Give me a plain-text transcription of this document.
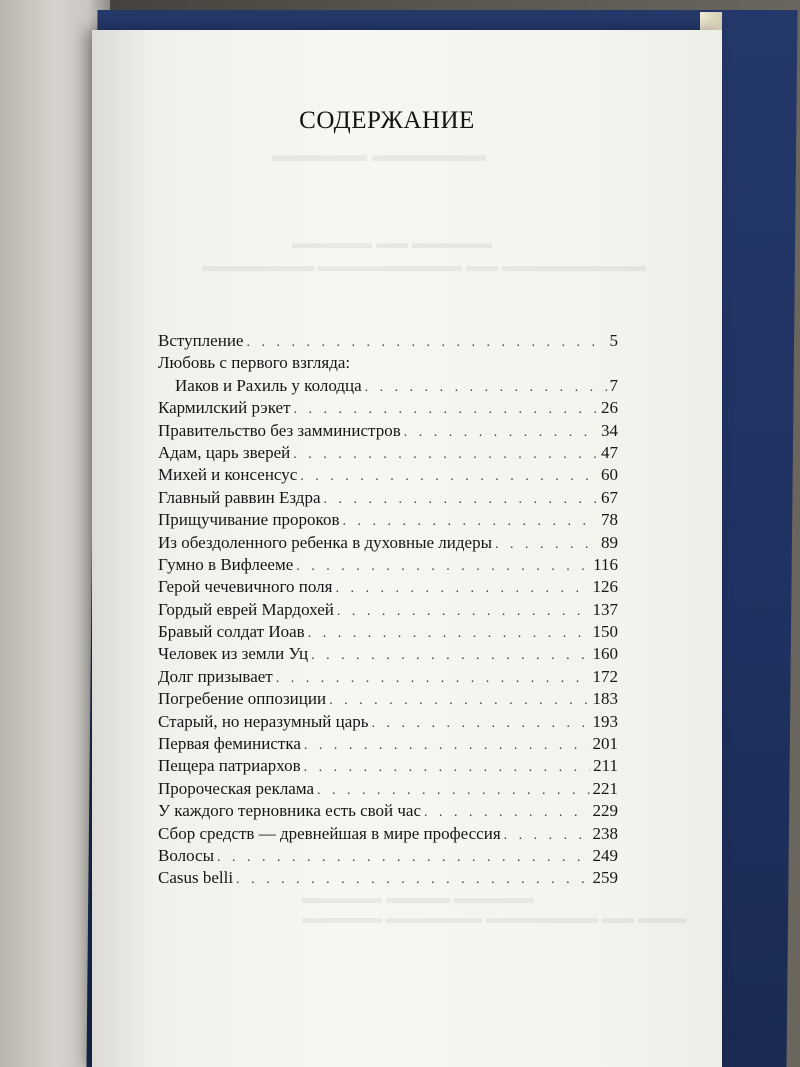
▬▬▬▬▬ ▬▬▬▬▬▬
▬▬▬▬▬ ▬▬ ▬▬▬▬▬
▬▬▬▬▬▬▬ ▬▬▬▬▬▬▬▬▬ ▬▬ ▬▬▬▬▬▬▬▬▬
▬▬▬▬▬ ▬▬▬▬ ▬▬▬▬▬
▬▬▬▬▬ ▬▬▬▬▬▬ ▬▬▬▬▬▬▬ ▬▬ ▬▬▬
СОДЕРЖАНИЕ
Вступление . . .	5
Любовь с первого взгляда:
Иаков и Рахиль у колодца . . .	7
Кармилский рэкет . . .	26
Правительство без замминистров . . .	34
Адам, царь зверей . . .	47
Михей и консенсус . . .	60
Главный раввин Ездра . . .	67
Прищучивание пророков . . .	78
Из обездоленного ребенка в духовные лидеры . . .	89
Гумно в Вифлееме . . .	116
Герой чечевичного поля . . .	126
Гордый еврей Мардохей . . .	137
Бравый солдат Иоав . . .	150
Человек из земли Уц . . .	160
Долг призывает . . .	172
Погребение оппозиции . . .	183
Старый, но неразумный царь . . .	193
Первая феминистка . . .	201
Пещера патриархов . . .	211
Пророческая реклама . . .	221
У каждого терновника есть свой час . . .	229
Сбор средств — древнейшая в мире профессия . . .	238
Волосы . . .	249
Casus belli . . .	259
